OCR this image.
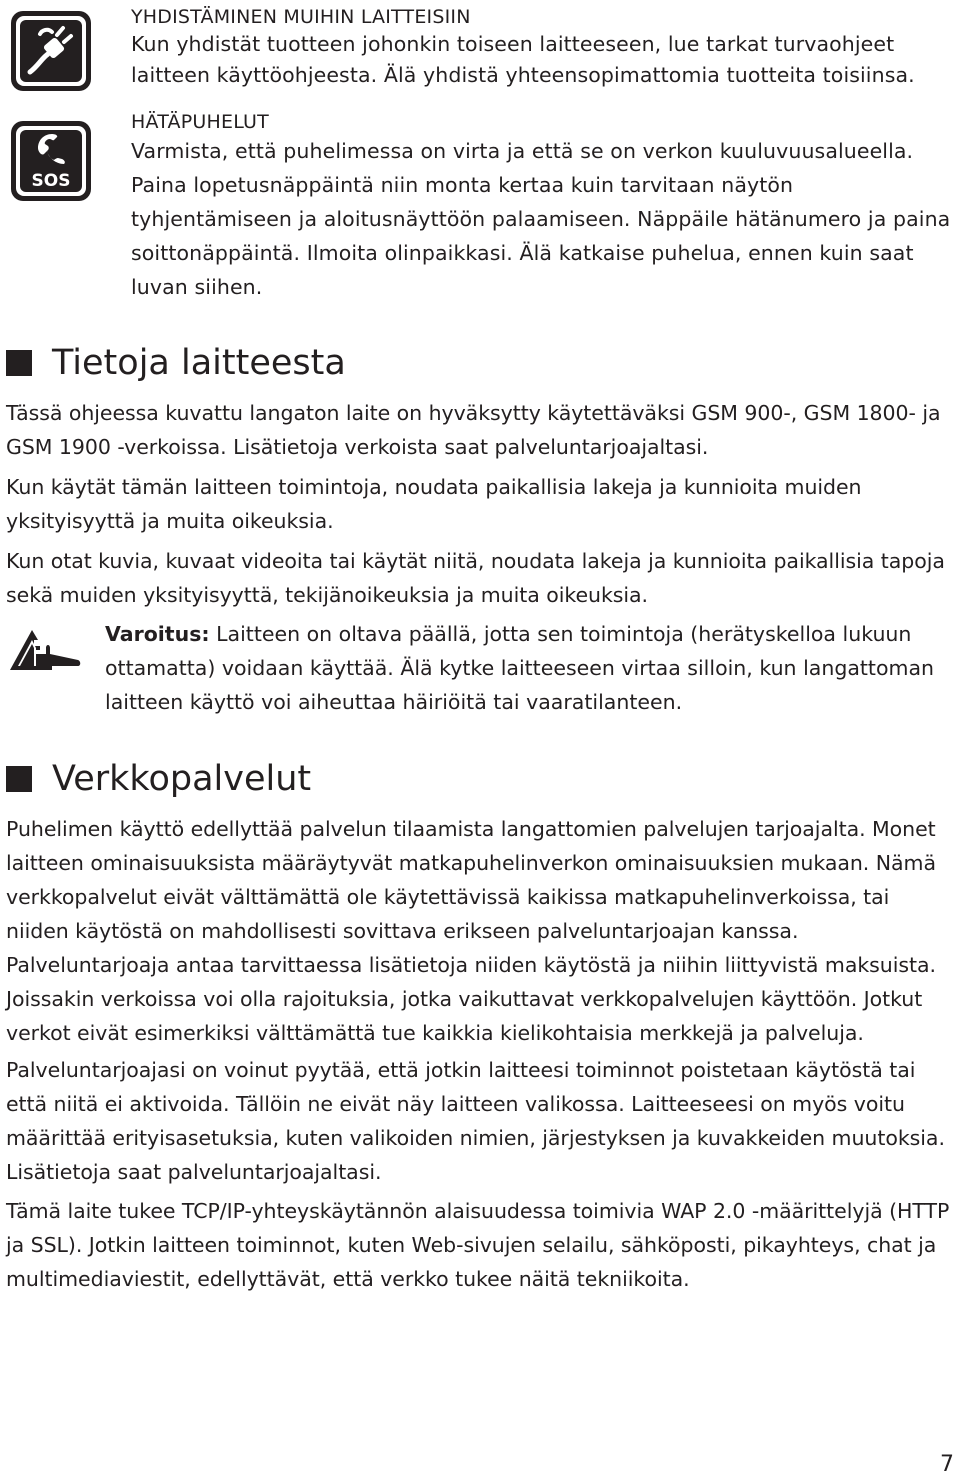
YHDISTÄMINEN MUIHIN LAITTEISIIN

Kun yhdistät tuotteen johonkin toiseen laitteeseen, lue tarkat turvaohjeet laitteen käyttöohjeesta. Älä yhdistä yhteensopimattomia tuotteita toisiinsa.

SOS

HÄTÄPUHELUT

Varmista, että puhelimessa on virta ja että se on verkon kuuluvuusalueella. Paina lopetusnäppäintä niin monta kertaa kuin tarvitaan näytön tyhjentämiseen ja aloitusnäyttöön palaamiseen. Näppäile hätänumero ja paina soittonäppäintä. Ilmoita olinpaikkasi. Älä katkaise puhelua, ennen kuin saat luvan siihen.

Tietoja laitteesta

Tässä ohjeessa kuvattu langaton laite on hyväksytty käytettäväksi GSM 900-, GSM 1800- ja GSM 1900 -verkoissa. Lisätietoja verkoista saat palveluntarjoajaltasi.

Kun käytät tämän laitteen toimintoja, noudata paikallisia lakeja ja kunnioita muiden yksityisyyttä ja muita oikeuksia.

Kun otat kuvia, kuvaat videoita tai käytät niitä, noudata lakeja ja kunnioita paikallisia tapoja sekä muiden yksityisyyttä, tekijänoikeuksia ja muita oikeuksia.

Varoitus: Laitteen on oltava päällä, jotta sen toimintoja (herätyskelloa lukuun ottamatta) voidaan käyttää. Älä kytke laitteeseen virtaa silloin, kun langattoman laitteen käyttö voi aiheuttaa häiriöitä tai vaaratilanteen.

Verkkopalvelut

Puhelimen käyttö edellyttää palvelun tilaamista langattomien palvelujen tarjoajalta. Monet laitteen ominaisuuksista määräytyvät matkapuhelinverkon ominaisuuksien mukaan. Nämä verkkopalvelut eivät välttämättä ole käytettävissä kaikissa matkapuhelinverkoissa, tai niiden käytöstä on mahdollisesti sovittava erikseen palveluntarjoajan kanssa. Palveluntarjoaja antaa tarvittaessa lisätietoja niiden käytöstä ja niihin liittyvistä maksuista. Joissakin verkoissa voi olla rajoituksia, jotka vaikuttavat verkkopalvelujen käyttöön. Jotkut verkot eivät esimerkiksi välttämättä tue kaikkia kielikohtaisia merkkejä ja palveluja.

Palveluntarjoajasi on voinut pyytää, että jotkin laitteesi toiminnot poistetaan käytöstä tai että niitä ei aktivoida. Tällöin ne eivät näy laitteen valikossa. Laitteeseesi on myös voitu määrittää erityisasetuksia, kuten valikoiden nimien, järjestyksen ja kuvakkeiden muutoksia. Lisätietoja saat palveluntarjoajaltasi.

Tämä laite tukee TCP/IP-yhteyskäytännön alaisuudessa toimivia WAP 2.0 -määrittelyjä (HTTP ja SSL). Jotkin laitteen toiminnot, kuten Web-sivujen selailu, sähköposti, pikayhteys, chat ja multimediaviestit, edellyttävät, että verkko tukee näitä tekniikoita.

7
